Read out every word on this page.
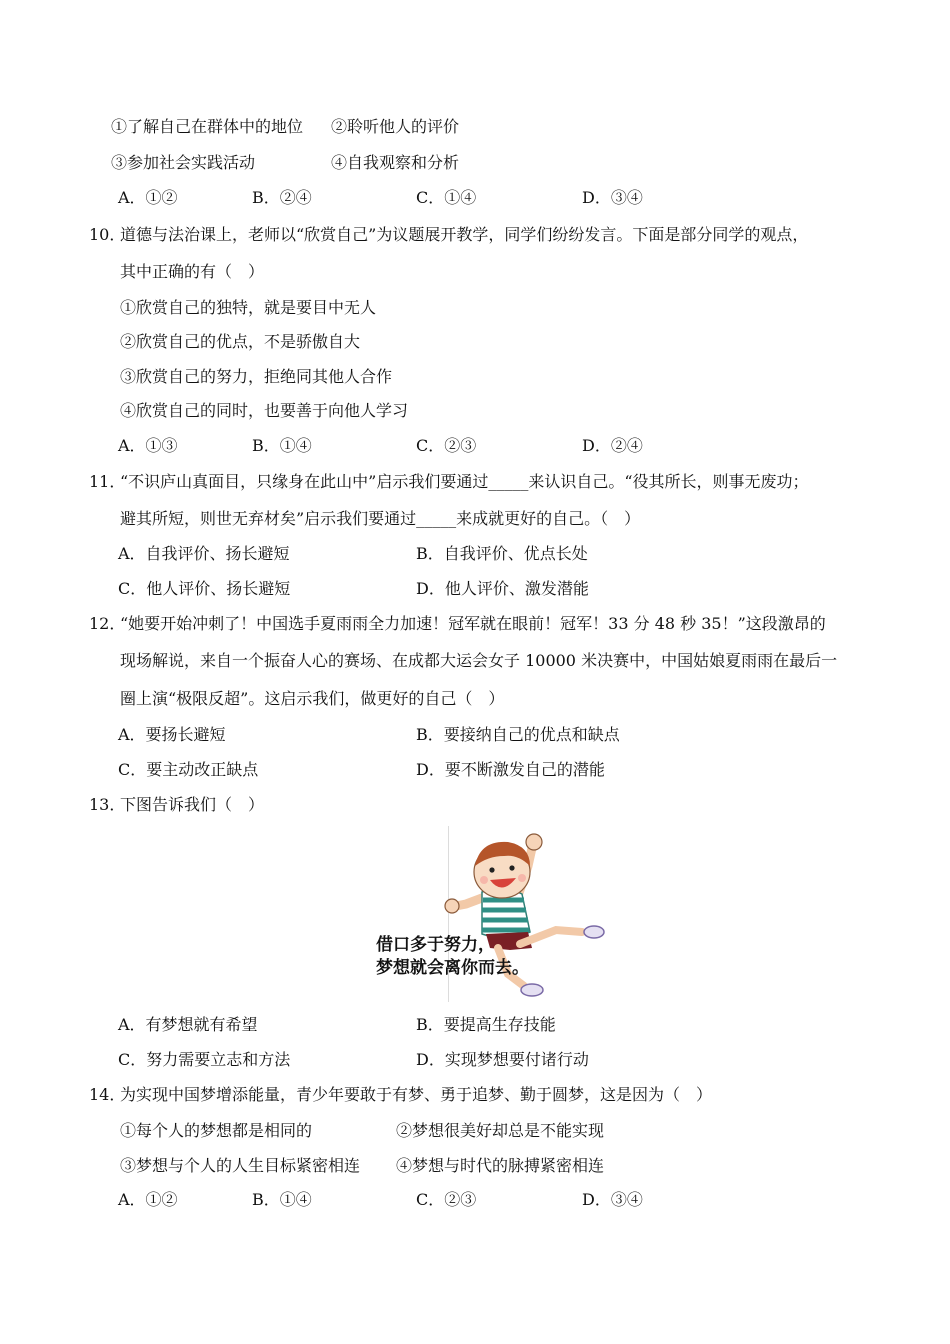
①了解自己在群体中的地位 ②聆听他人的评价
③参加社会实践活动	④自我观察和分析
A．①②	B．②④	C．①④	D．③④
10．
道德与法治课上，老师以“欣赏自己”为议题展开教学，同学们纷纷发言。下面是部分同学的观点，
其中正确的有（　）
①欣赏自己的独特，就是要目中无人
②欣赏自己的优点，不是骄傲自大
③欣赏自己的努力，拒绝同其他人合作
④欣赏自己的同时，也要善于向他人学习
A．①③	B．①④	C．②③	D．②④
11．
“不识庐山真面目，只缘身在此山中”启示我们要通过_____来认识自己。“役其所长，则事无废功；
避其所短，则世无弃材矣”启示我们要通过_____来成就更好的自己。（　）
A．自我评价、扬长避短	B．自我评价、优点长处
C．他人评价、扬长避短	D．他人评价、激发潜能
12．
“她要开始冲刺了！中国选手夏雨雨全力加速！冠军就在眼前！冠军！33 分 48 秒 35！”这段激昂的
现场解说，来自一个振奋人心的赛场、在成都大运会女子 10000 米决赛中，中国姑娘夏雨雨在最后一
圈上演“极限反超”。这启示我们，做更好的自己（　）
A．要扬长避短	B．要接纳自己的优点和缺点
C．要主动改正缺点	D．要不断激发自己的潜能
13．
下图告诉我们（　）
借口多于努力，
梦想就会离你而去。
A．有梦想就有希望	B．要提高生存技能
C．努力需要立志和方法	D．实现梦想要付诸行动
14．
为实现中国梦增添能量，青少年要敢于有梦、勇于追梦、勤于圆梦，这是因为（　）
①每个人的梦想都是相同的	②梦想很美好却总是不能实现
③梦想与个人的人生目标紧密相连 ④梦想与时代的脉搏紧密相连
A．①②	B．①④	C．②③	D．③④
